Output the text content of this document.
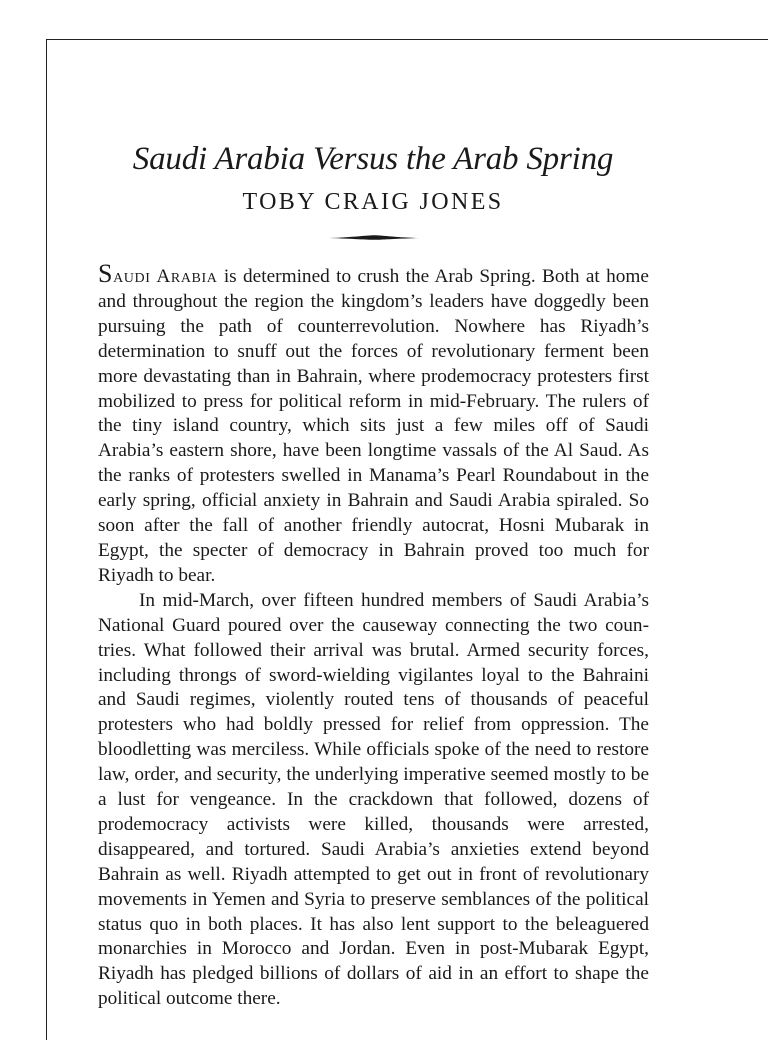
Saudi Arabia Versus the Arab Spring
TOBY CRAIG JONES

Saudi Arabia is determined to crush the Arab Spring. Both at home and throughout the region the kingdom’s leaders have doggedly been pursuing the path of counterrevolution. Nowhere has Riyadh’s determination to snuff out the forces of revolutionary ferment been more devastating than in Bahrain, where prodemocracy protesters first mobilized to press for political reform in mid-February. The rulers of the tiny island country, which sits just a few miles off of Saudi Arabia’s eastern shore, have been longtime vassals of the Al Saud. As the ranks of protesters swelled in Manama’s Pearl Roundabout in the early spring, official anxiety in Bahrain and Saudi Arabia spiraled. So soon after the fall of another friendly autocrat, Hosni Mubarak in Egypt, the specter of democracy in Bahrain proved too much for Riyadh to bear.

In mid-March, over fifteen hundred members of Saudi Arabia’s National Guard poured over the causeway connecting the two countries. What followed their arrival was brutal. Armed security forces, including throngs of sword-wielding vigilantes loyal to the Bahraini and Saudi regimes, violently routed tens of thousands of peaceful protesters who had boldly pressed for relief from oppression. The bloodletting was merciless. While officials spoke of the need to restore law, order, and security, the underlying imperative seemed mostly to be a lust for vengeance. In the crackdown that followed, dozens of prodemocracy activists were killed, thousands were arrested, disappeared, and tortured. Saudi Arabia’s anxieties extend beyond Bahrain as well. Riyadh attempted to get out in front of revolutionary movements in Yemen and Syria to preserve semblances of the political status quo in both places. It has also lent support to the beleaguered monarchies in Morocco and Jordan. Even in post-Mubarak Egypt, Riyadh has pledged billions of dollars of aid in an effort to shape the political outcome there.
